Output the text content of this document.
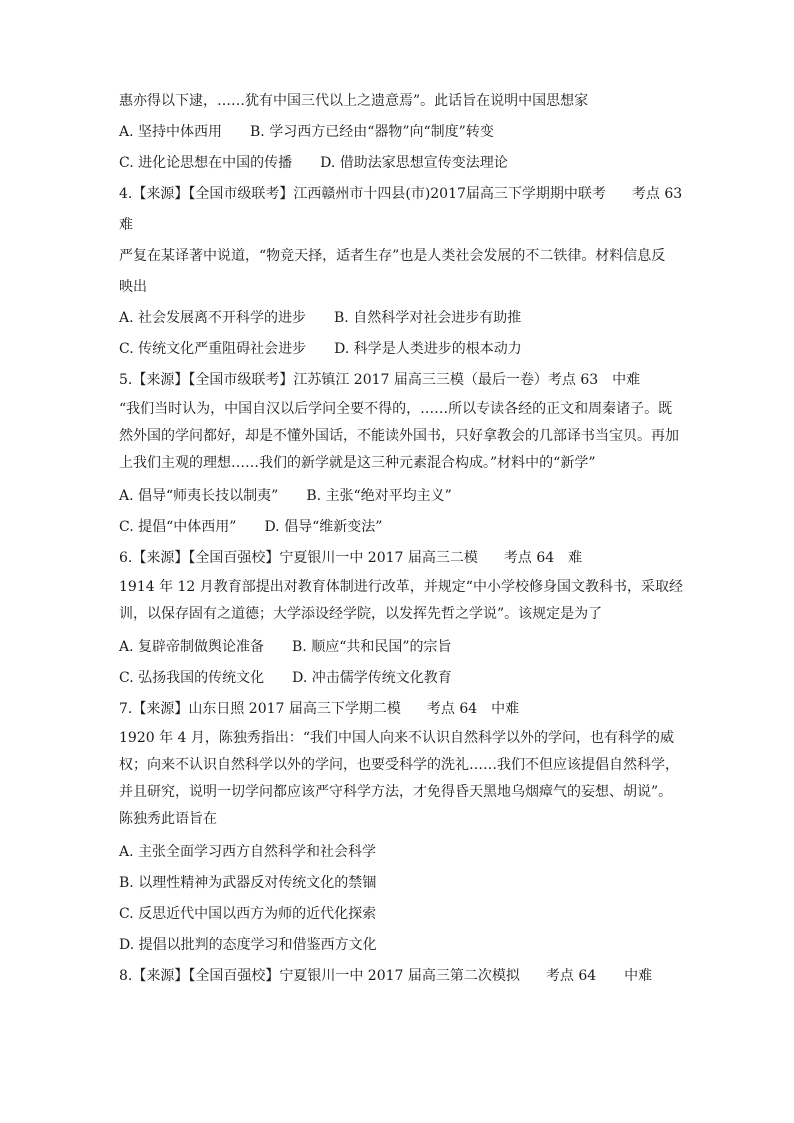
惠亦得以下逮，……犹有中国三代以上之遗意焉”。此话旨在说明中国思想家
A. 坚持中体西用 B. 学习西方已经由“器物”向“制度”转变
C. 进化论思想在中国的传播 D. 借助法家思想宣传变法理论
4.【来源】【全国市级联考】江西赣州市十四县(市)2017届高三下学期期中联考 考点 63
难
严复在某译著中说道，“物竞天择，适者生存”也是人类社会发展的不二铁律。材料信息反
映出
A. 社会发展离不开科学的进步 B. 自然科学对社会进步有助推
C. 传统文化严重阻碍社会进步 D. 科学是人类进步的根本动力
5.【来源】【全国市级联考】江苏镇江 2017 届高三三模（最后一卷）考点 63　中难
“我们当时认为，中国自汉以后学问全要不得的，……所以专读各经的正文和周秦诸子。既
然外国的学问都好，却是不懂外国话，不能读外国书，只好拿教会的几部译书当宝贝。再加
上我们主观的理想……我们的新学就是这三种元素混合构成。”材料中的“新学”
A. 倡导“师夷长技以制夷” B. 主张“绝对平均主义”
C. 提倡“中体西用” D. 倡导“维新变法”
6.【来源】【全国百强校】宁夏银川一中 2017 届高三二模 考点 64　难
1914 年 12 月教育部提出对教育体制进行改革，并规定“中小学校修身国文教科书，采取经
训，以保存固有之道德；大学添设经学院，以发挥先哲之学说”。该规定是为了
A. 复辟帝制做舆论准备 B. 顺应“共和民国”的宗旨
C. 弘扬我国的传统文化 D. 冲击儒学传统文化教育
7.【来源】山东日照 2017 届高三下学期二模 考点 64　中难
1920 年 4 月，陈独秀指出：“我们中国人向来不认识自然科学以外的学问，也有科学的威
权；向来不认识自然科学以外的学问，也要受科学的洗礼……我们不但应该提倡自然科学，
并且研究，说明一切学问都应该严守科学方法，才免得昏天黑地乌烟瘴气的妄想、胡说”。
陈独秀此语旨在
A. 主张全面学习西方自然科学和社会科学
B. 以理性精神为武器反对传统文化的禁锢
C. 反思近代中国以西方为师的近代化探索
D. 提倡以批判的态度学习和借鉴西方文化
8.【来源】【全国百强校】宁夏银川一中 2017 届高三第二次模拟 考点 64　　中难
